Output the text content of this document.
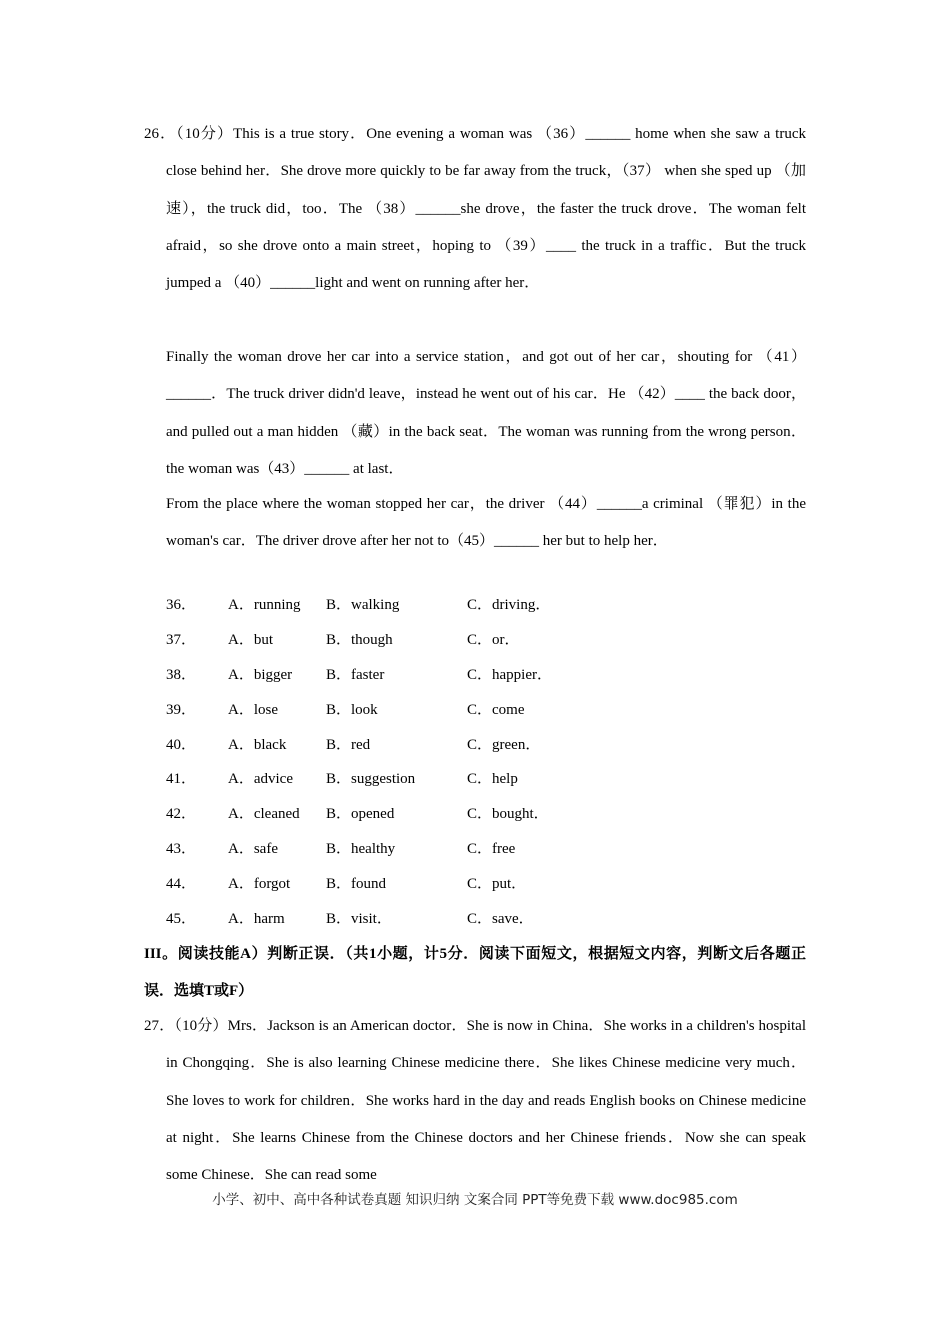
26．（10分）This is a true story．One evening a woman was （36）______ home when she saw a truck close behind her．She drove more quickly to be far away from the truck，（37） when she sped up （加速），the truck did，too．The （38）______she drove，the faster the truck drove．The woman felt afraid，so she drove onto a main street，hoping to （39）____ the truck in a traffic．But the truck jumped a （40）______light and went on running after her．
Finally the woman drove her car into a service station，and got out of her car，shouting for （41）______．The truck driver didn'd leave，instead he went out of his car．He （42）____ the back door，and pulled out a man hidden （藏）in the back seat．The woman was running from the wrong person．the woman was（43）______ at last．
From the place where the woman stopped her car，the driver （44）______a criminal （罪犯）in the woman's car．The driver drove after her not to（45）______ her but to help her．
36． A．running B．walking	C．driving．
37． A．but	B．though	C．or．
38． A．bigger B．faster	C．happier．
39． A．lose	B．look	C．come
40． A．black	B．red	C．green．
41． A．advice B．suggestion	C．help
42． A．cleaned B．opened	C．bought．
43． A．safe	B．healthy	C．free
44． A．forgot B．found	C．put．
45． A．harm	B．visit．	C．save．
III。阅读技能A）判断正误．（共1小题，计5分．阅读下面短文，根据短文内容，判断文后各题正误．选填T或F）
27．（10分）Mrs．Jackson is an American doctor．She is now in China．She works in a children's hospital in Chongqing．She is also learning Chinese medicine there．She likes Chinese medicine very much．She loves to work for children．She works hard in the day and reads English books on Chinese medicine at night．She learns Chinese from the Chinese doctors and her Chinese friends．Now she can speak some Chinese．She can read some
小学、初中、高中各种试卷真题 知识归纳 文案合同 PPT等免费下载 www.doc985.com
